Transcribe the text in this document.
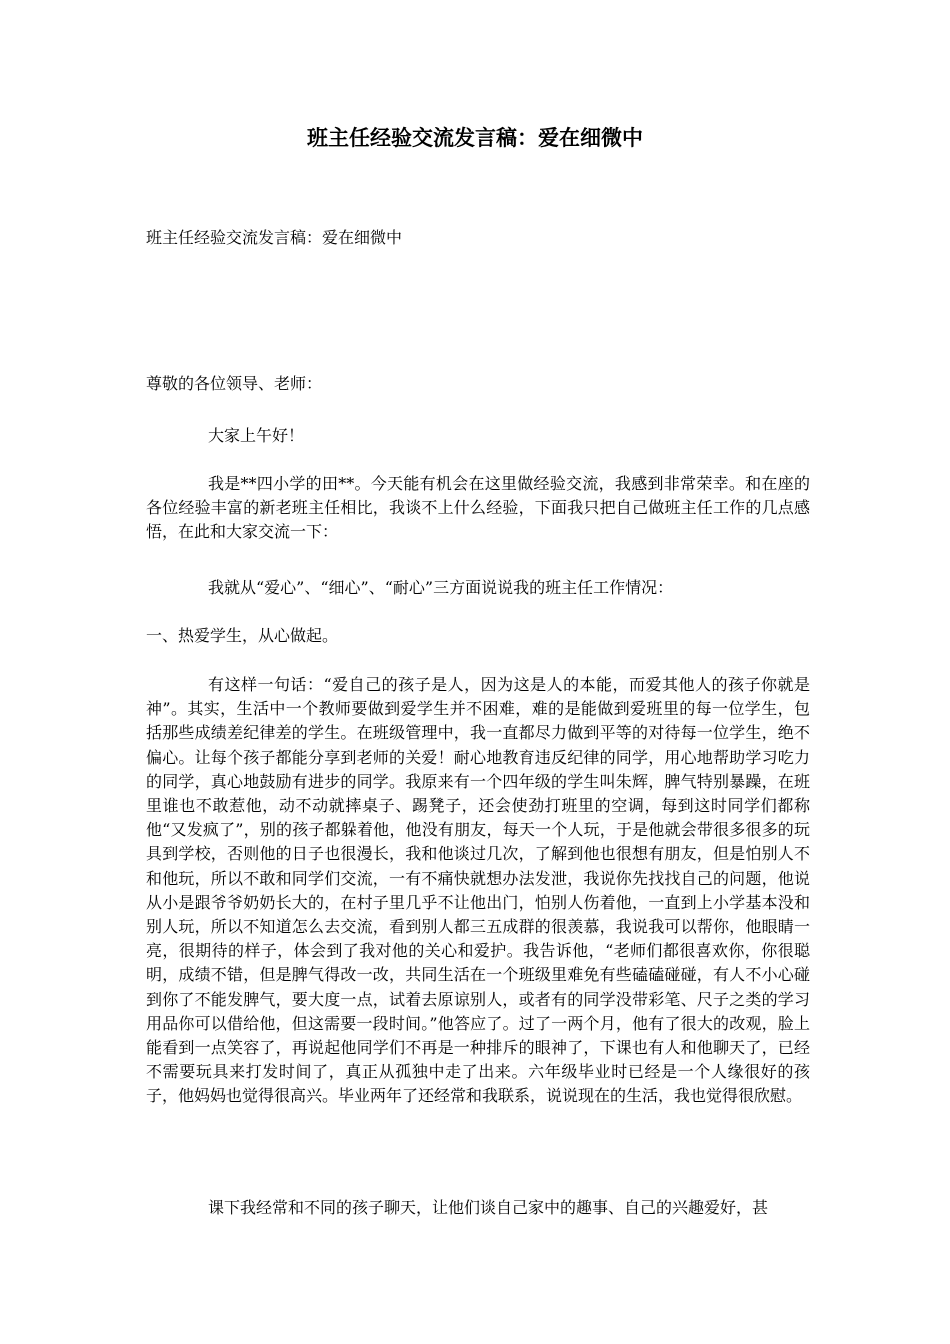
班主任经验交流发言稿：爱在细微中

班主任经验交流发言稿：爱在细微中

尊敬的各位领导、老师：

大家上午好！

我是**四小学的田**。今天能有机会在这里做经验交流，我感到非常荣幸。和在座的各位经验丰富的新老班主任相比，我谈不上什么经验，下面我只把自己做班主任工作的几点感悟，在此和大家交流一下：

我就从“爱心”、“细心”、“耐心”三方面说说我的班主任工作情况：

一、热爱学生，从心做起。

有这样一句话：“爱自己的孩子是人，因为这是人的本能，而爱其他人的孩子你就是神”。其实，生活中一个教师要做到爱学生并不困难，难的是能做到爱班里的每一位学生，包括那些成绩差纪律差的学生。在班级管理中，我一直都尽力做到平等的对待每一位学生，绝不偏心。让每个孩子都能分享到老师的关爱！耐心地教育违反纪律的同学，用心地帮助学习吃力的同学，真心地鼓励有进步的同学。我原来有一个四年级的学生叫朱辉，脾气特别暴躁，在班里谁也不敢惹他，动不动就摔桌子、踢凳子，还会使劲打班里的空调，每到这时同学们都称他“又发疯了”，别的孩子都躲着他，他没有朋友，每天一个人玩，于是他就会带很多很多的玩具到学校，否则他的日子也很漫长，我和他谈过几次，了解到他也很想有朋友，但是怕别人不和他玩，所以不敢和同学们交流，一有不痛快就想办法发泄，我说你先找找自己的问题，他说从小是跟爷爷奶奶长大的，在村子里几乎不让他出门，怕别人伤着他，一直到上小学基本没和别人玩，所以不知道怎么去交流，看到别人都三五成群的很羡慕，我说我可以帮你，他眼睛一亮，很期待的样子，体会到了我对他的关心和爱护。我告诉他，“老师们都很喜欢你，你很聪明，成绩不错，但是脾气得改一改，共同生活在一个班级里难免有些磕磕碰碰，有人不小心碰到你了不能发脾气，要大度一点，试着去原谅别人，或者有的同学没带彩笔、尺子之类的学习用品你可以借给他，但这需要一段时间。”他答应了。过了一两个月，他有了很大的改观，脸上能看到一点笑容了，再说起他同学们不再是一种排斥的眼神了，下课也有人和他聊天了，已经不需要玩具来打发时间了，真正从孤独中走了出来。六年级毕业时已经是一个人缘很好的孩子，他妈妈也觉得很高兴。毕业两年了还经常和我联系，说说现在的生活，我也觉得很欣慰。

课下我经常和不同的孩子聊天，让他们谈自己家中的趣事、自己的兴趣爱好，甚
